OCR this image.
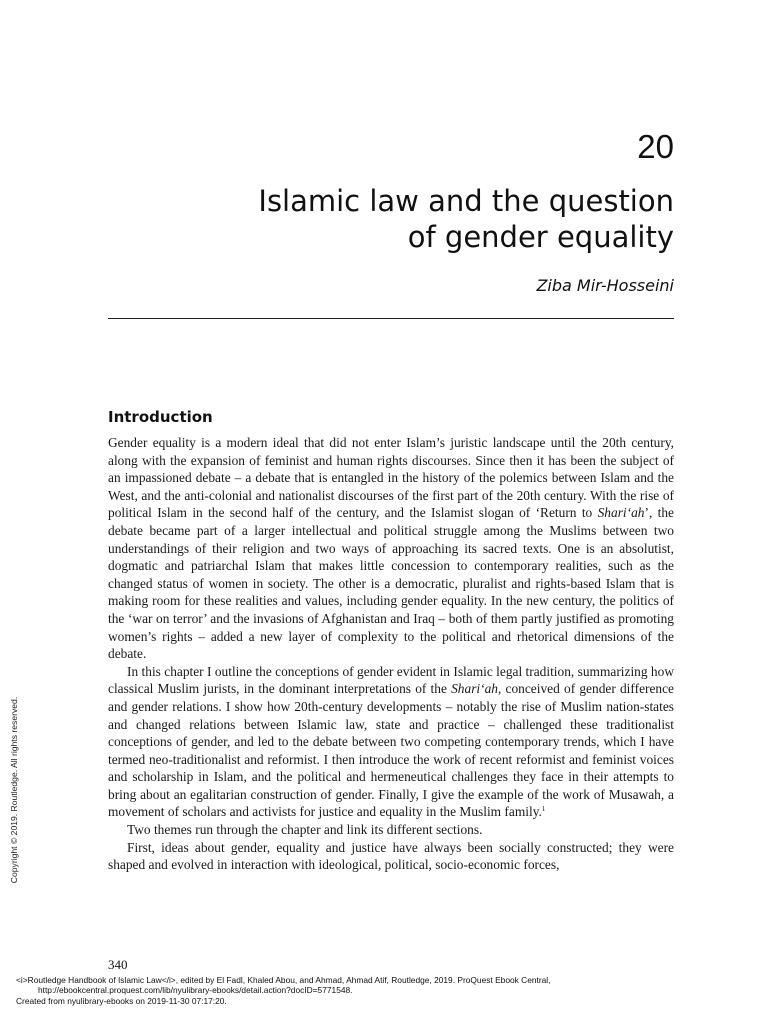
20
Islamic law and the question
of gender equality
Ziba Mir-Hosseini
Introduction

Gender equality is a modern ideal that did not enter Islam’s juristic landscape until the 20th century, along with the expansion of feminist and human rights discourses. Since then it has been the subject of an impassioned debate – a debate that is entangled in the history of the polemics between Islam and the West, and the anti-colonial and nationalist discourses of the first part of the 20th century. With the rise of political Islam in the second half of the century, and the Islamist slogan of ‘Return to Shari‘ah’, the debate became part of a larger intellectual and political struggle among the Muslims between two understandings of their religion and two ways of approaching its sacred texts. One is an absolutist, dogmatic and patriarchal Islam that makes little concession to contemporary realities, such as the changed status of women in society. The other is a democratic, pluralist and rights-based Islam that is making room for these realities and values, including gender equality. In the new century, the politics of the ‘war on terror’ and the invasions of Afghanistan and Iraq – both of them partly justified as promoting women’s rights – added a new layer of complexity to the political and rhetorical dimensions of the debate.

In this chapter I outline the conceptions of gender evident in Islamic legal tradition, summarizing how classical Muslim jurists, in the dominant interpretations of the Shari‘ah, conceived of gender difference and gender relations. I show how 20th-century developments – notably the rise of Muslim nation-states and changed relations between Islamic law, state and practice – challenged these traditionalist conceptions of gender, and led to the debate between two competing contemporary trends, which I have termed neo-traditionalist and reformist. I then introduce the work of recent reformist and feminist voices and scholarship in Islam, and the political and hermeneutical challenges they face in their attempts to bring about an egalitarian construction of gender. Finally, I give the example of the work of Musawah, a movement of scholars and activists for justice and equality in the Muslim family.$^1$

Two themes run through the chapter and link its different sections.

First, ideas about gender, equality and justice have always been socially constructed; they were shaped and evolved in interaction with ideological, political, socio-economic forces,

Copyright © 2019. Routledge. All rights reserved.
340
<i>Routledge Handbook of Islamic Law</i>, edited by El Fadl, Khaled Abou, and Ahmad, Ahmad Atif, Routledge, 2019. ProQuest Ebook Central,
http://ebookcentral.proquest.com/lib/nyulibrary-ebooks/detail.action?docID=5771548.
Created from nyulibrary-ebooks on 2019-11-30 07:17:20.
